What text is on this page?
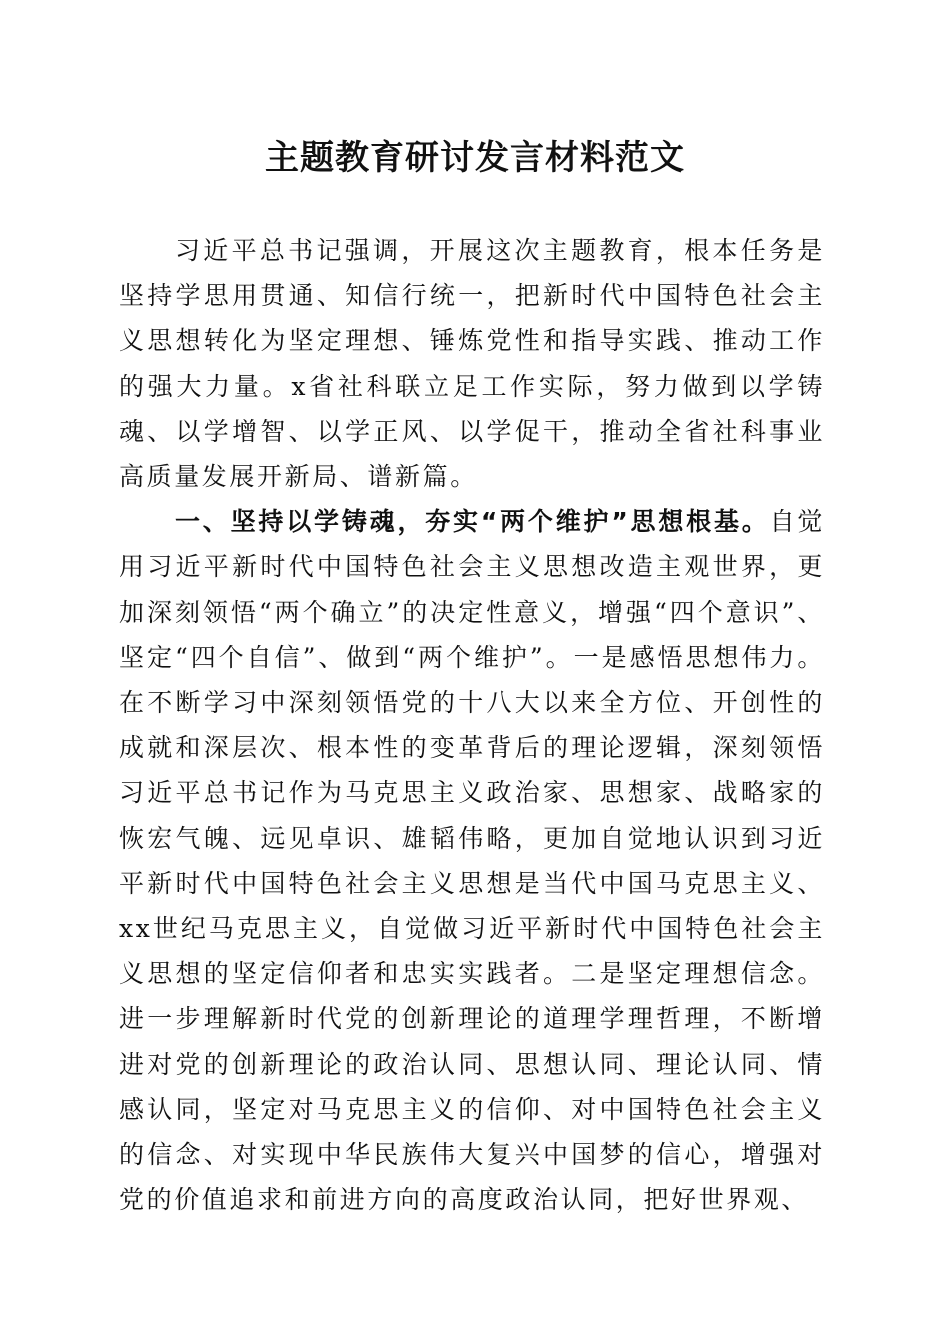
主题教育研讨发言材料范文

习近平总书记强调，开展这次主题教育，根本任务是坚持学思用贯通、知信行统一，把新时代中国特色社会主义思想转化为坚定理想、锤炼党性和指导实践、推动工作的强大力量。x省社科联立足工作实际，努力做到以学铸魂、以学增智、以学正风、以学促干，推动全省社科事业高质量发展开新局、谱新篇。

一、坚持以学铸魂，夯实“两个维护”思想根基。自觉用习近平新时代中国特色社会主义思想改造主观世界，更加深刻领悟“两个确立”的决定性意义，增强“四个意识”、坚定“四个自信”、做到“两个维护”。一是感悟思想伟力。在不断学习中深刻领悟党的十八大以来全方位、开创性的成就和深层次、根本性的变革背后的理论逻辑，深刻领悟习近平总书记作为马克思主义政治家、思想家、战略家的恢宏气魄、远见卓识、雄韬伟略，更加自觉地认识到习近平新时代中国特色社会主义思想是当代中国马克思主义、xx世纪马克思主义，自觉做习近平新时代中国特色社会主义思想的坚定信仰者和忠实实践者。二是坚定理想信念。进一步理解新时代党的创新理论的道理学理哲理，不断增进对党的创新理论的政治认同、思想认同、理论认同、情感认同，坚定对马克思主义的信仰、对中国特色社会主义的信念、对实现中华民族伟大复兴中国梦的信心，增强对党的价值追求和前进方向的高度政治认同，把好世界观、
